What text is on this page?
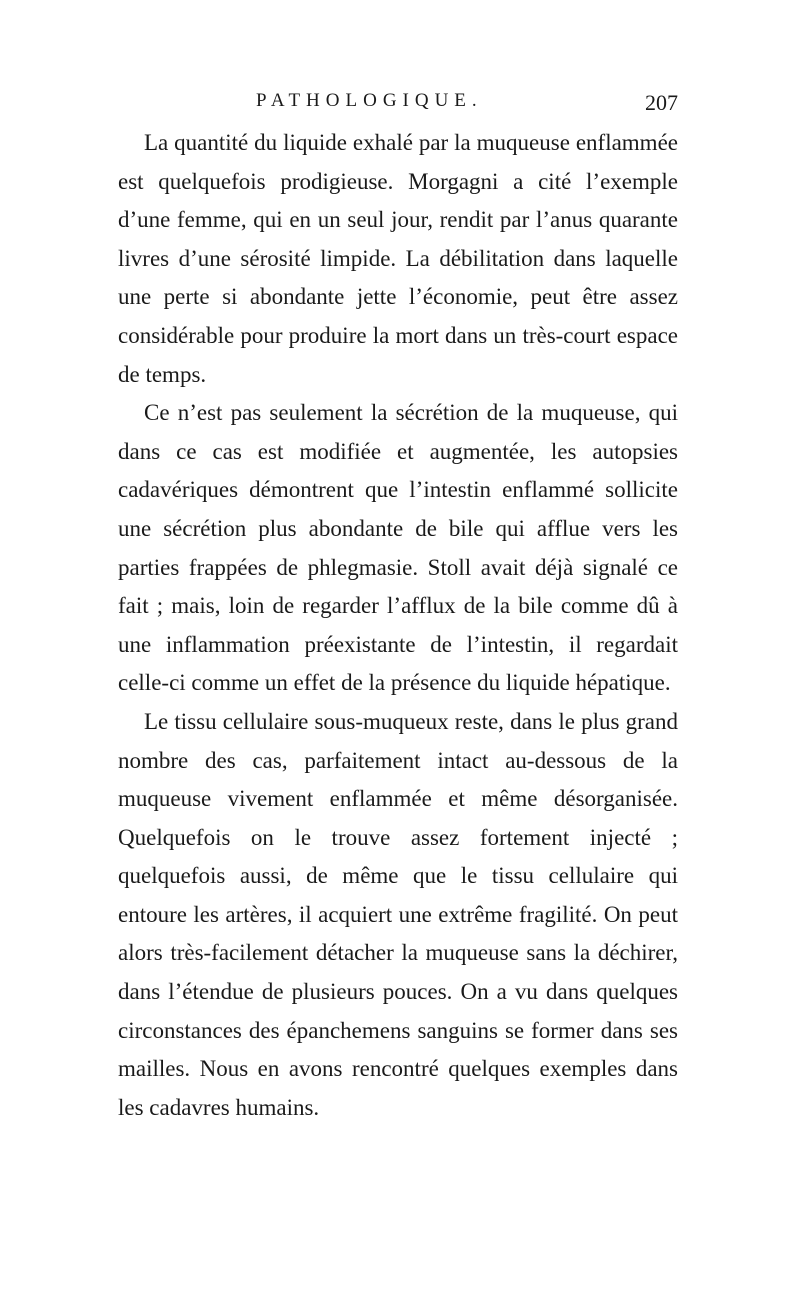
PATHOLOGIQUE.	207

La quantité du liquide exhalé par la muqueuse enflammée est quelquefois prodigieuse. Morgagni a cité l’exemple d’une femme, qui en un seul jour, rendit par l’anus quarante livres d’une sérosité limpide. La débilitation dans laquelle une perte si abondante jette l’économie, peut être assez considérable pour produire la mort dans un très-court espace de temps.

Ce n’est pas seulement la sécrétion de la muqueuse, qui dans ce cas est modifiée et augmentée, les autopsies cadavériques démontrent que l’intestin enflammé sollicite une sécrétion plus abondante de bile qui afflue vers les parties frappées de phlegmasie. Stoll avait déjà signalé ce fait ; mais, loin de regarder l’afflux de la bile comme dû à une inflammation préexistante de l’intestin, il regardait celle-ci comme un effet de la présence du liquide hépatique.

Le tissu cellulaire sous-muqueux reste, dans le plus grand nombre des cas, parfaitement intact au-dessous de la muqueuse vivement enflammée et même désorganisée. Quelquefois on le trouve assez fortement injecté ; quelquefois aussi, de même que le tissu cellulaire qui entoure les artères, il acquiert une extrême fragilité. On peut alors très-facilement détacher la muqueuse sans la déchirer, dans l’étendue de plusieurs pouces. On a vu dans quelques circonstances des épanchemens sanguins se former dans ses mailles. Nous en avons rencontré quelques exemples dans les cadavres humains.
